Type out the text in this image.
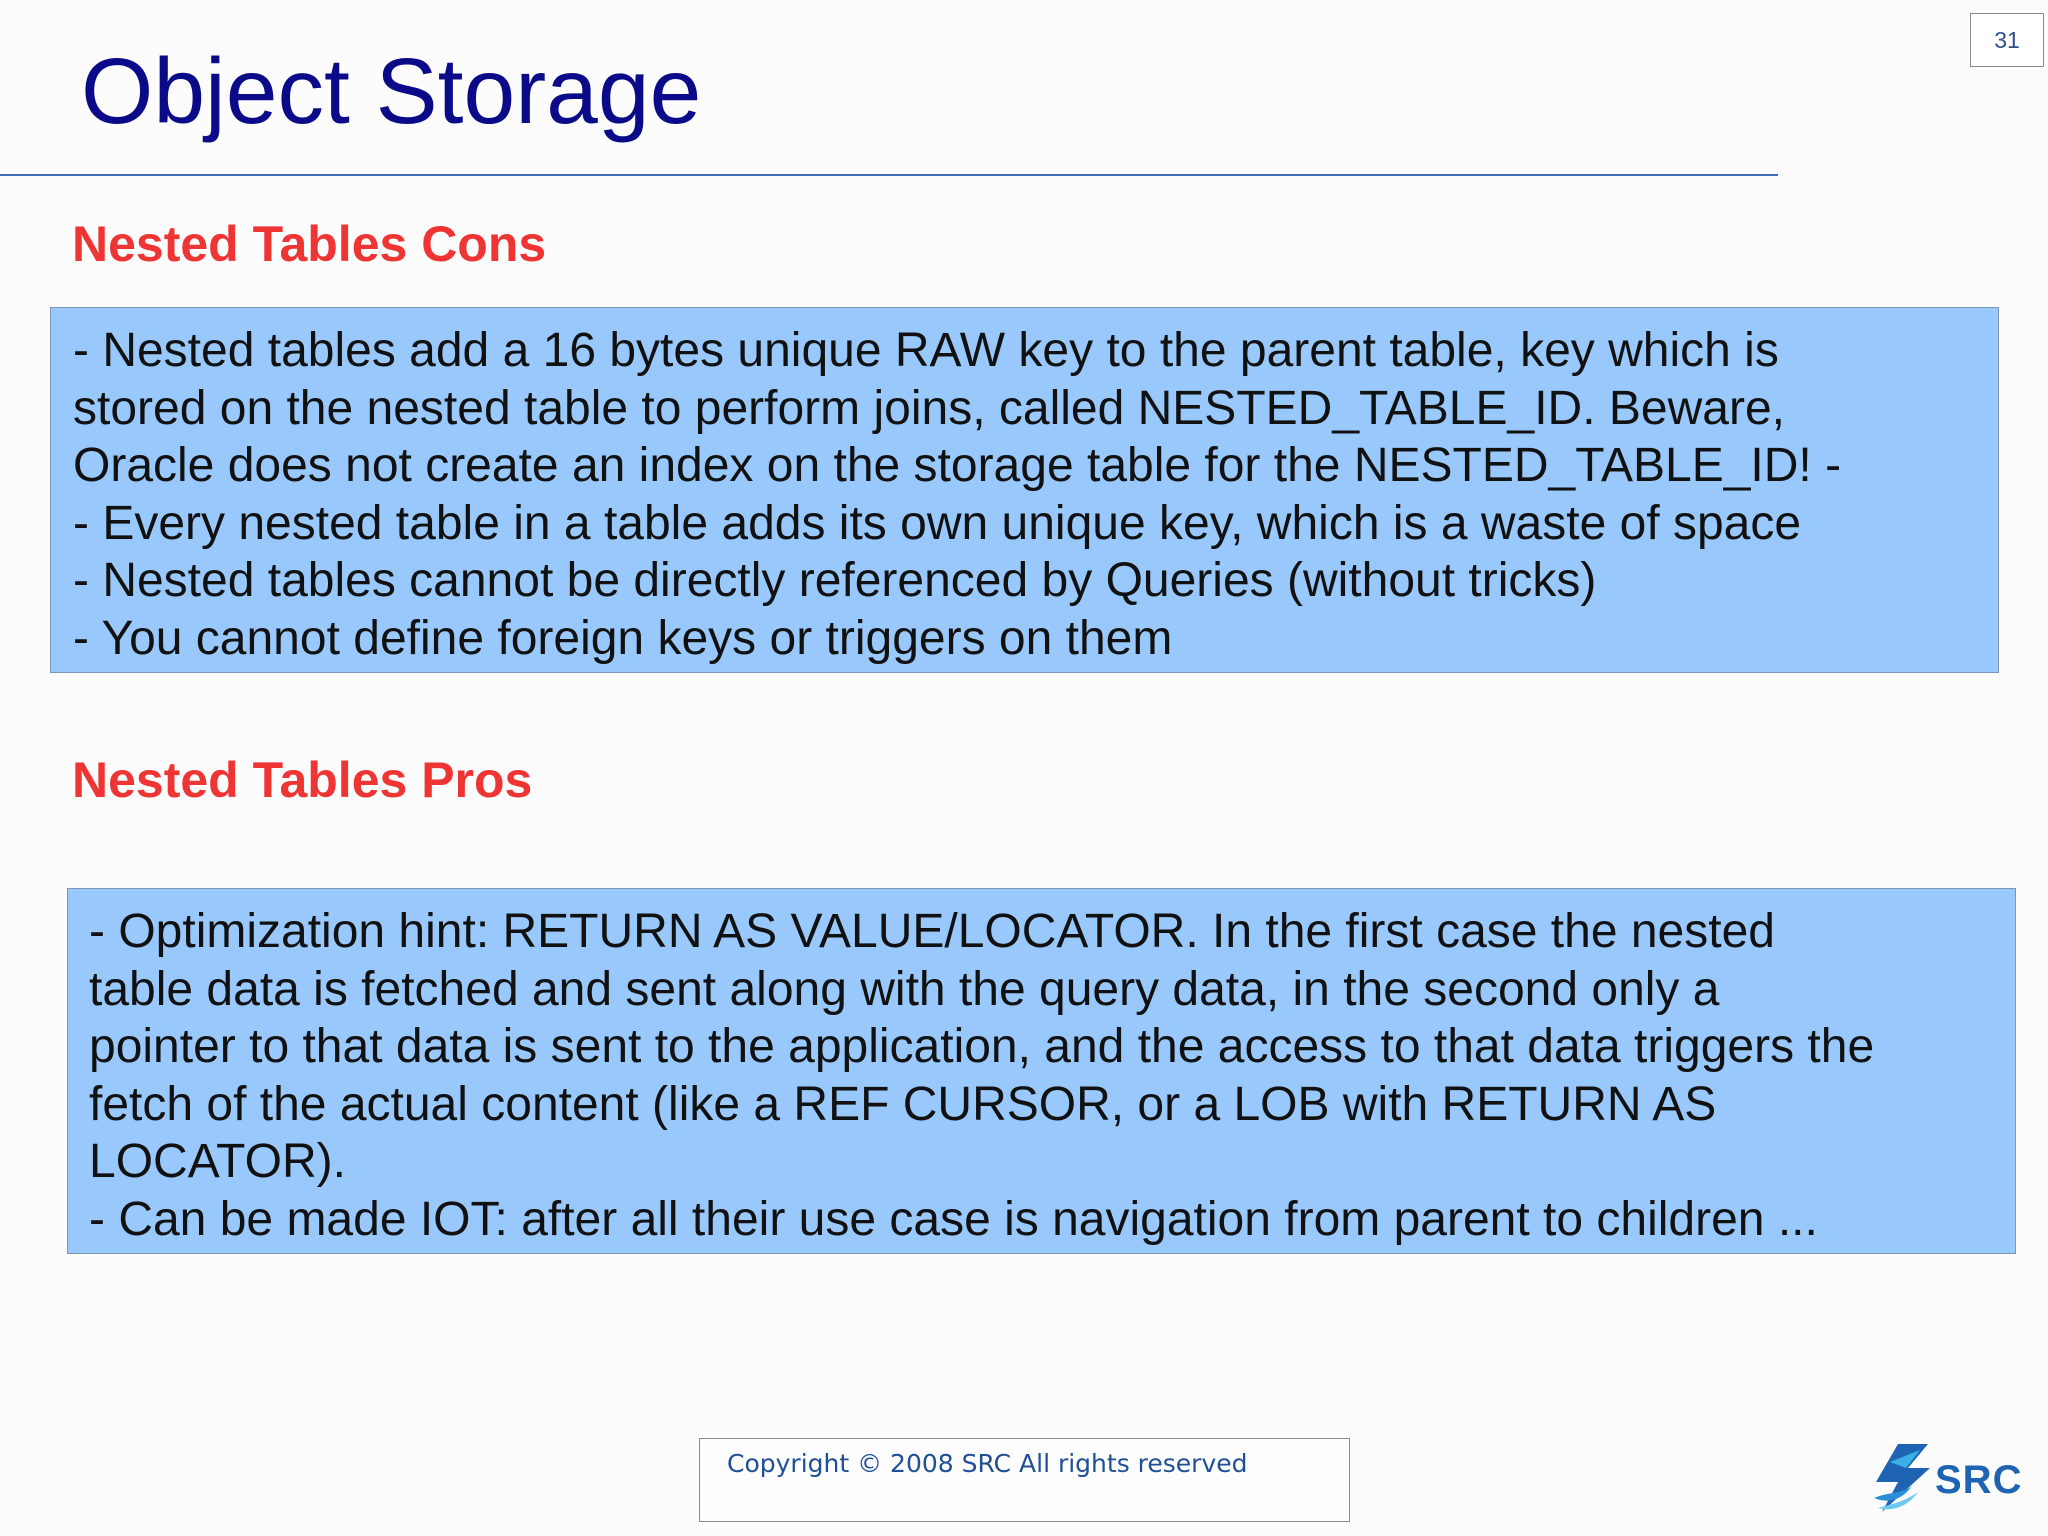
Object Storage	31
Nested Tables Cons
- Nested tables add a 16 bytes unique RAW key to the parent table, key which is
stored on the nested table to perform joins, called NESTED_TABLE_ID. Beware,
Oracle does not create an index on the storage table for the NESTED_TABLE_ID! -
- Every nested table in a table adds its own unique key, which is a waste of space
- Nested tables cannot be directly referenced by Queries (without tricks)
- You cannot define foreign keys or triggers on them
Nested Tables Pros
- Optimization hint: RETURN AS VALUE/LOCATOR. In the first case the nested
table data is fetched and sent along with the query data, in the second only a
pointer to that data is sent to the application, and the access to that data triggers the
fetch of the actual content (like a REF CURSOR, or a LOB with RETURN AS
LOCATOR).
- Can be made IOT: after all their use case is navigation from parent to children ...
Copyright © 2008 SRC All rights reserved	SRC
